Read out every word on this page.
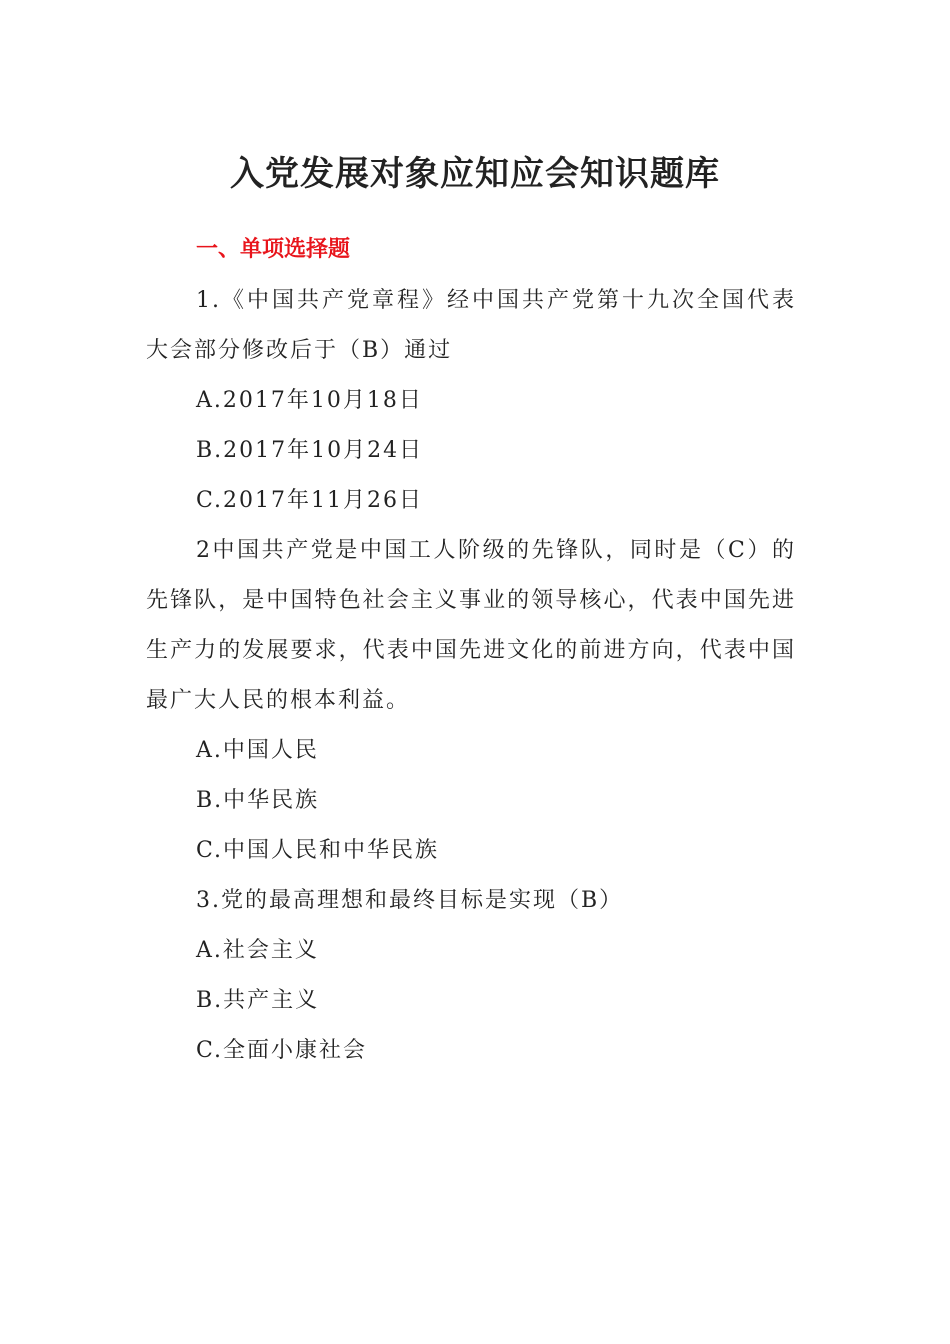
入党发展对象应知应会知识题库
一、单项选择题

1.《中国共产党章程》经中国共产党第十九次全国代表大会部分修改后于（B）通过

A.2017年10月18日

B.2017年10月24日

C.2017年11月26日

2中国共产党是中国工人阶级的先锋队，同时是（C）的先锋队，是中国特色社会主义事业的领导核心，代表中国先进生产力的发展要求，代表中国先进文化的前进方向，代表中国最广大人民的根本利益。

A.中国人民

B.中华民族

C.中国人民和中华民族

3.党的最高理想和最终目标是实现（B）

A.社会主义

B.共产主义

C.全面小康社会
